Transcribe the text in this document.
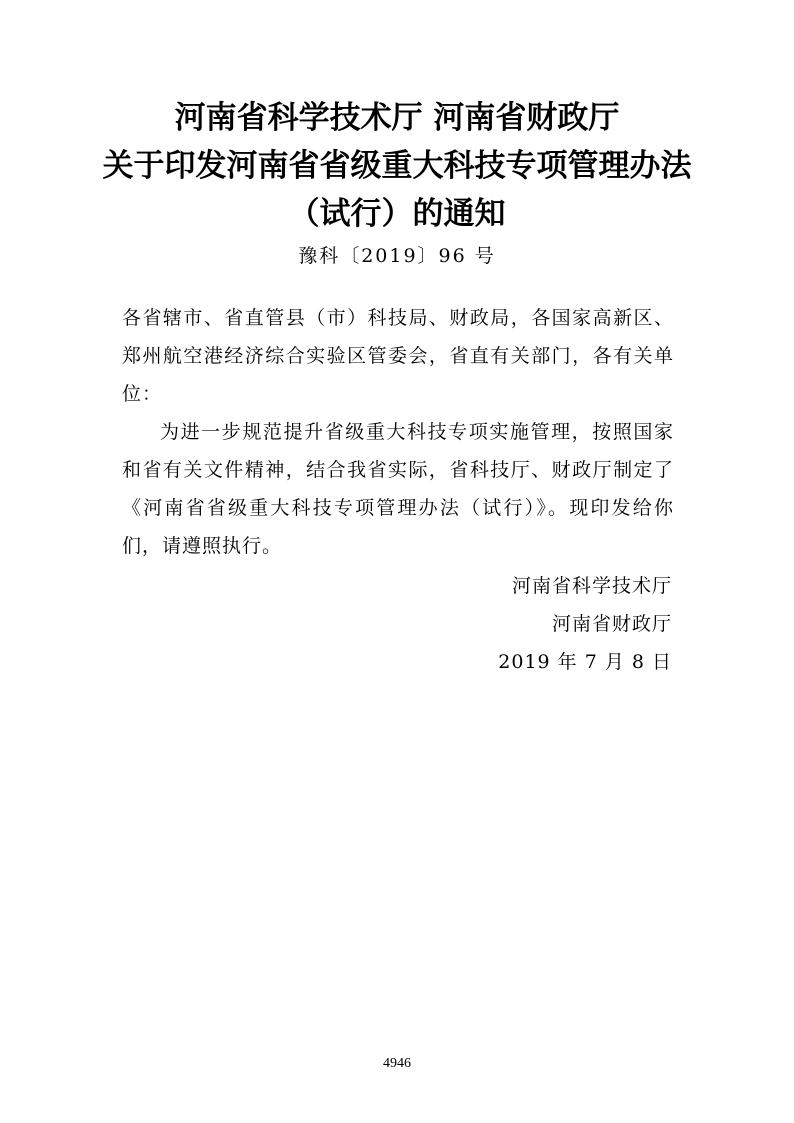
河南省科学技术厅 河南省财政厅
关于印发河南省省级重大科技专项管理办法
（试行）的通知
豫科〔2019〕96 号
各省辖市、省直管县（市）科技局、财政局，各国家高新区、郑州航空港经济综合实验区管委会，省直有关部门，各有关单位：
为进一步规范提升省级重大科技专项实施管理，按照国家和省有关文件精神，结合我省实际，省科技厅、财政厅制定了《河南省省级重大科技专项管理办法（试行）》。现印发给你们，请遵照执行。
河南省科学技术厅
河南省财政厅
2019 年 7 月 8 日
4946
